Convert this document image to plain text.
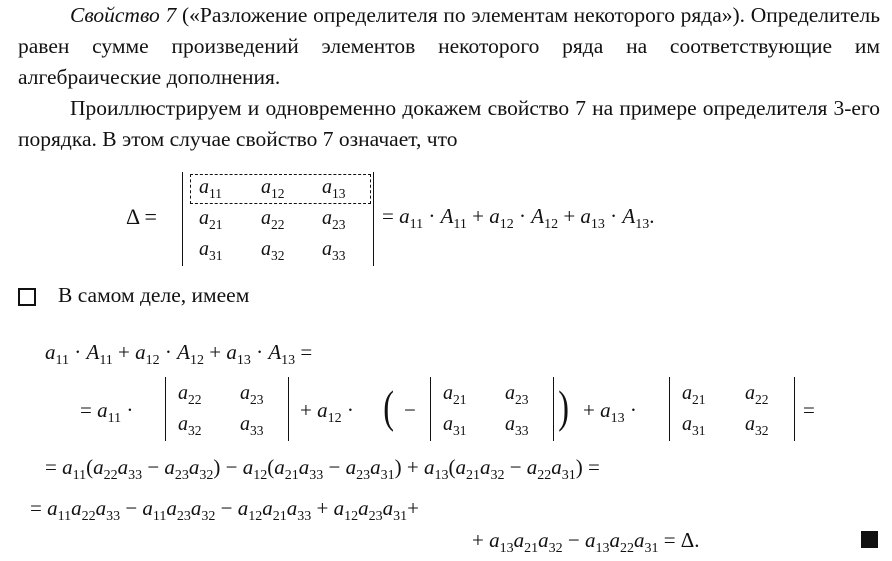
Свойство 7 («Разложение определителя по элементам некоторого ряда»). Определитель равен сумме произведений элементов некоторого ряда на соответствующие им алгебраические дополнения.
Проиллюстрируем и одновременно докажем свойство 7 на примере определителя 3-его порядка. В этом случае свойство 7 означает, что
Δ =
$a_{11}$ $a_{12}$ $a_{13}$
$a_{21}$ $a_{22}$ $a_{23}$
$a_{31}$ $a_{32}$ $a_{33}$
= $a_{11} \cdot A_{11} + a_{12} \cdot A_{12} + a_{13} \cdot A_{13}$.
В самом деле, имеем
$a_{11} \cdot A_{11} + a_{12} \cdot A_{12} + a_{13} \cdot A_{13}$ =
= $a_{11}$ ·
$a_{22}$ $a_{23}$
$a_{32}$ $a_{33}$
+ $a_{12}$ · ( −
$a_{21}$ $a_{23}$
$a_{31}$ $a_{33}$ ) + $a_{13}$ ·
$a_{21}$ $a_{22}$
$a_{31}$ $a_{32}$
=
= $a_{11}(a_{22}a_{33} - a_{23}a_{32}) - a_{12}(a_{21}a_{33} - a_{23}a_{31}) + a_{13}(a_{21}a_{32} - a_{22}a_{31})$ =
= $a_{11}a_{22}a_{33} - a_{11}a_{23}a_{32} - a_{12}a_{21}a_{33} + a_{12}a_{23}a_{31}+$
+ $a_{13}a_{21}a_{32} - a_{13}a_{22}a_{31} = \Delta$.
